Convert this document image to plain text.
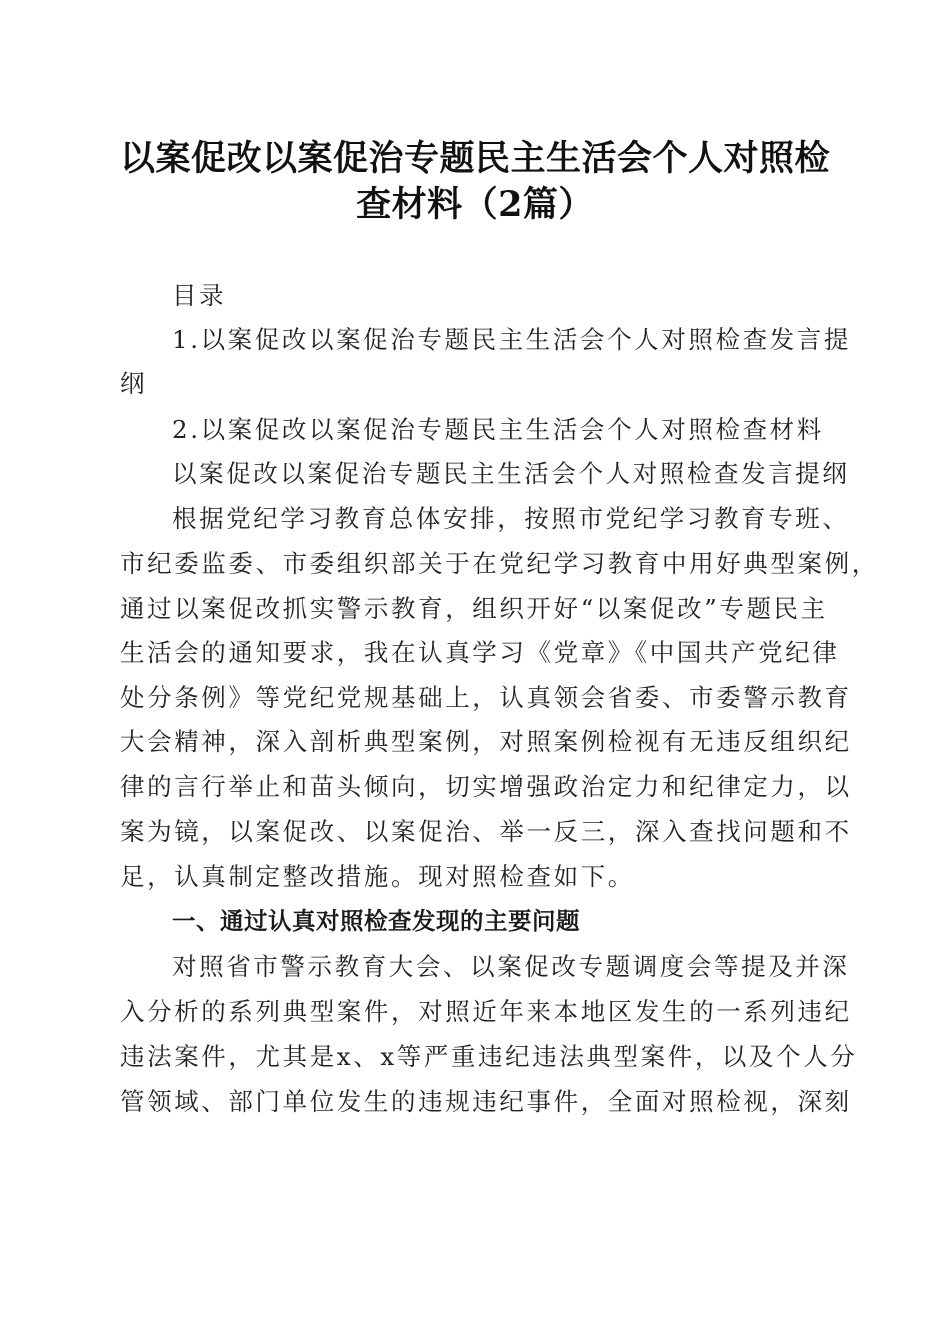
以案促改以案促治专题民主生活会个人对照检
查材料（2篇）
目录
1.以案促改以案促治专题民主生活会个人对照检查发言提
纲
2.以案促改以案促治专题民主生活会个人对照检查材料
以案促改以案促治专题民主生活会个人对照检查发言提纲
根据党纪学习教育总体安排，按照市党纪学习教育专班、
市纪委监委、市委组织部关于在党纪学习教育中用好典型案例，
通过以案促改抓实警示教育，组织开好“以案促改”专题民主
生活会的通知要求，我在认真学习《党章》《中国共产党纪律
处分条例》等党纪党规基础上，认真领会省委、市委警示教育
大会精神，深入剖析典型案例，对照案例检视有无违反组织纪
律的言行举止和苗头倾向，切实增强政治定力和纪律定力，以
案为镜，以案促改、以案促治、举一反三，深入查找问题和不
足，认真制定整改措施。现对照检查如下。
一、通过认真对照检查发现的主要问题
对照省市警示教育大会、以案促改专题调度会等提及并深
入分析的系列典型案件，对照近年来本地区发生的一系列违纪
违法案件，尤其是x、x等严重违纪违法典型案件，以及个人分
管领域、部门单位发生的违规违纪事件，全面对照检视，深刻
